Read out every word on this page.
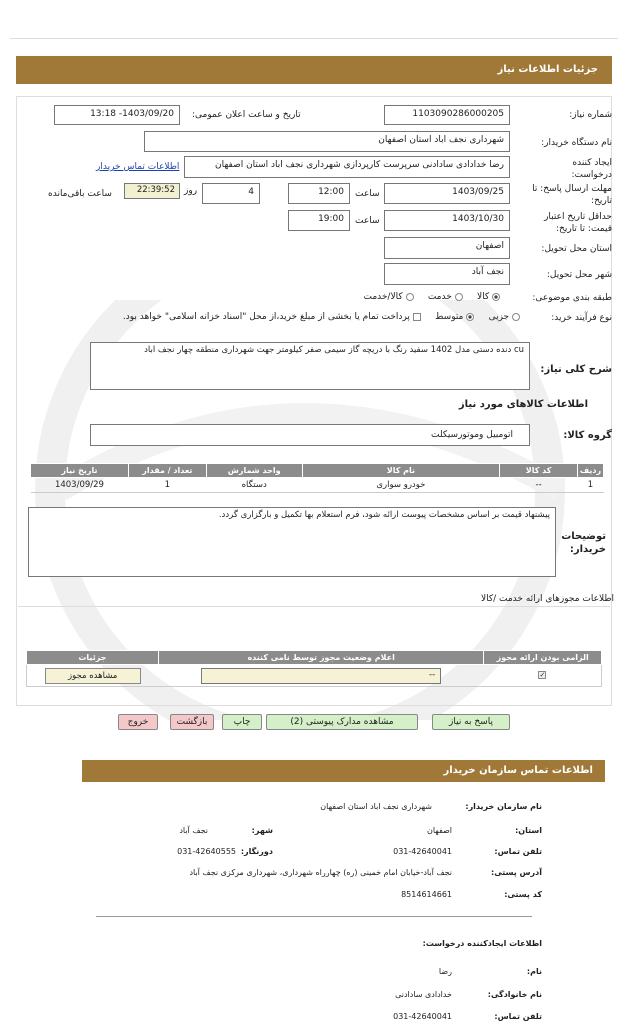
جزئیات اطلاعات نیاز
شماره نیاز:
1103090286000205
تاریخ و ساعت اعلان عمومی:
1403/09/20- 13:18
نام دستگاه خریدار:
شهرداری نجف اباد استان اصفهان
ایجاد کننده درخواست:
رضا خدادادی سادادنی سرپرست کارپردازی شهرداری نجف اباد استان اصفهان
اطلاعات تماس خریدار
مهلت ارسال پاسخ: تا تاریخ:
1403/09/25
ساعت
12:00
4
روز
22:39:52
ساعت باقی‌مانده
حداقل تاریخ اعتبار قیمت: تا تاریخ:
1403/10/30
ساعت
19:00
استان محل تحویل:
اصفهان
شهر محل تحویل:
نجف آباد
طبقه بندی موضوعی:
کالا      خدمت      کالا/خدمت
نوع فرآیند خرید:
جزیی      متوسط      پرداخت تمام یا بخشی از مبلغ خرید،از محل "اسناد خزانه اسلامی" خواهد بود.
شرح کلی نیاز:
cu دنده دستی مدل 1402 سفید رنگ با دریچه گاز سیمی صفر کیلومتر جهت شهرداری منطقه چهار نجف اباد
اطلاعات کالاهای مورد نیاز
گروه کالا:
اتومبیل وموتورسیکلت
ردیف	کد کالا	نام کالا	واحد شمارش	تعداد / مقدار	تاریخ نیاز
1	--	خودرو سواری	دستگاه	1	1403/09/29
توضیحات خریدار:
پیشنهاد قیمت بر اساس مشخصات پیوست ارائه شود، فرم استعلام بها تکمیل و بارگزاری گردد.
اطلاعات مجوزهای ارائه خدمت /کالا
الزامی بودن ارائه مجوز	اعلام وضعیت مجوز توسط نامی کننده	جزئیات
✓	--	مشاهده مجوز
پاسخ به نیاز
مشاهده مدارک پیوستی (2)
چاپ
بازگشت
خروج
اطلاعات تماس سازمان خریدار
نام سازمان خریدار:
شهرداری نجف اباد استان اصفهان
استان:
اصفهان
شهر:
نجف آباد
تلفن تماس:
031-42640041
دورنگار:
031-42640555
آدرس پستی:
نجف آباد-خیابان امام خمینی (ره) چهارراه شهرداری، شهرداری مرکزی نجف آباد
کد پستی:
8514614661
اطلاعات ایجادکننده درخواست:
نام:
رضا
نام خانوادگی:
خدادادی سادادنی
تلفن تماس:
031-42640041
